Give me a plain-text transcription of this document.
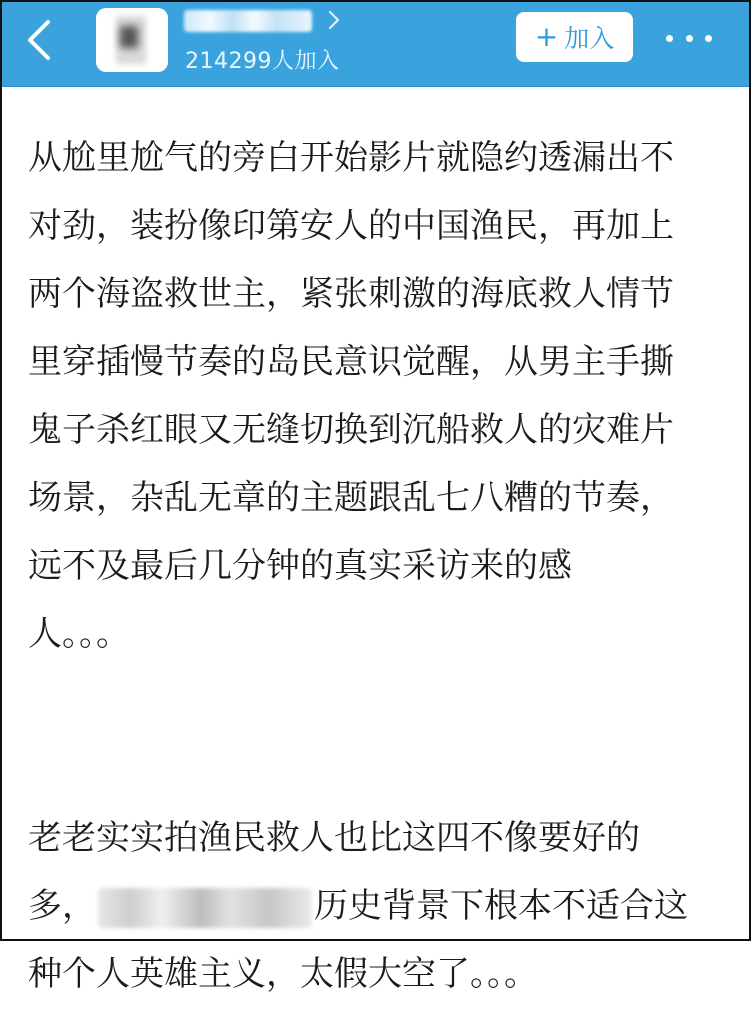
214299人加入
+ 加入
从尬里尬气的旁白开始影片就隐约透漏出不
对劲，装扮像印第安人的中国渔民，再加上
两个海盗救世主，紧张刺激的海底救人情节
里穿插慢节奏的岛民意识觉醒，从男主手撕
鬼子杀红眼又无缝切换到沉船救人的灾难片
场景，杂乱无章的主题跟乱七八糟的节奏，
远不及最后几分钟的真实采访来的感
人。。。
老老实实拍渔民救人也比这四不像要好的
多，	历史背景下根本不适合这
种个人英雄主义，太假大空了。。。
